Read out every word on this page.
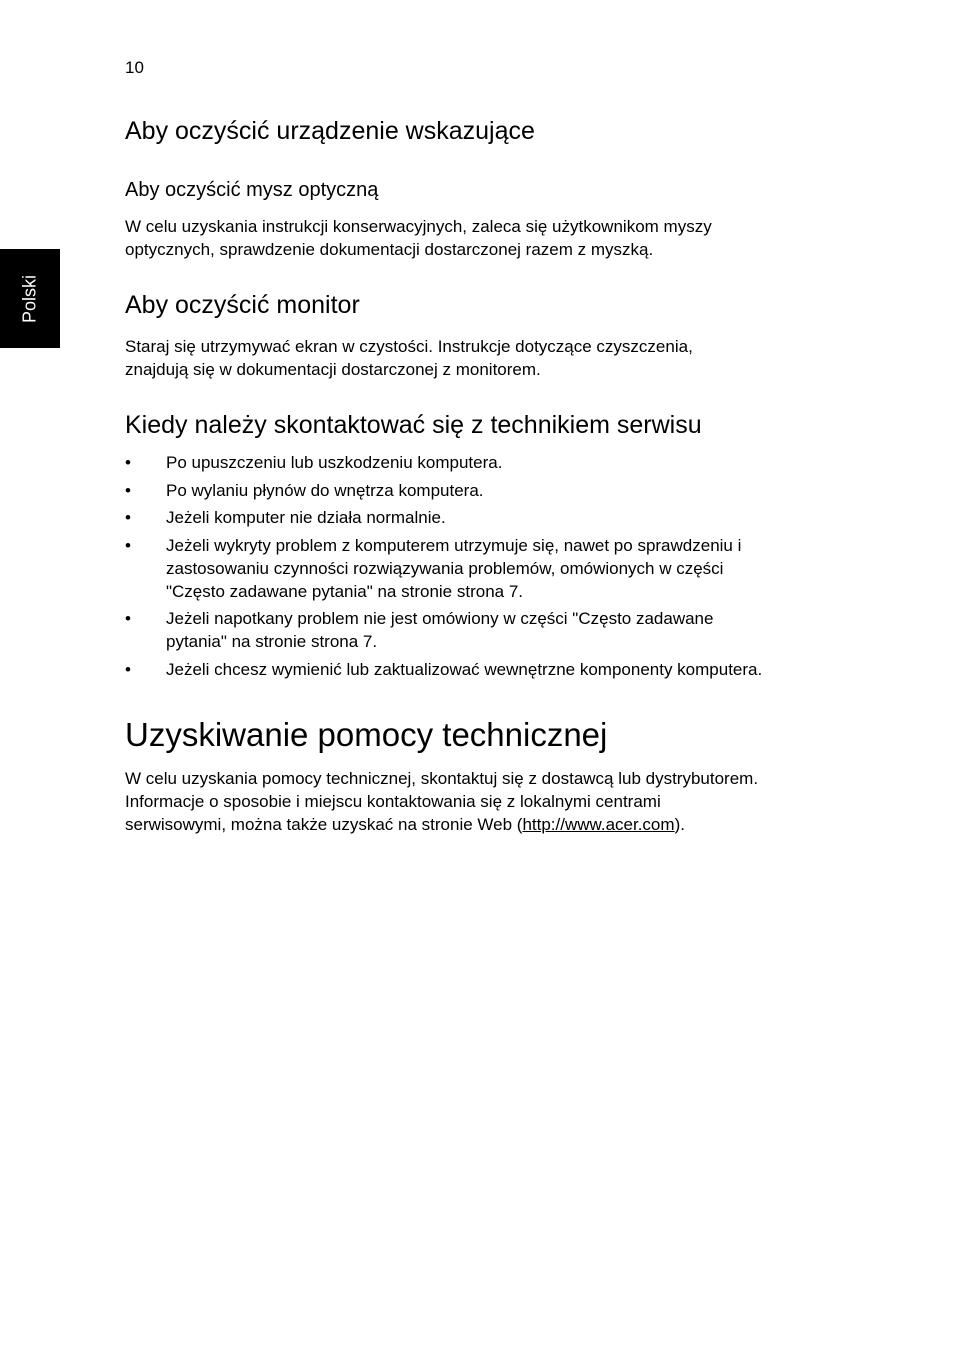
10
Polski
Aby oczyścić urządzenie wskazujące
Aby oczyścić mysz optyczną
W celu uzyskania instrukcji konserwacyjnych, zaleca się użytkownikom myszy
optycznych, sprawdzenie dokumentacji dostarczonej razem z myszką.
Aby oczyścić monitor
Staraj się utrzymywać ekran w czystości. Instrukcje dotyczące czyszczenia,
znajdują się w dokumentacji dostarczonej z monitorem.
Kiedy należy skontaktować się z technikiem serwisu
• Po upuszczeniu lub uszkodzeniu komputera.
• Po wylaniu płynów do wnętrza komputera.
• Jeżeli komputer nie działa normalnie.
• Jeżeli wykryty problem z komputerem utrzymuje się, nawet po sprawdzeniu i
zastosowaniu czynności rozwiązywania problemów, omówionych w części
"Często zadawane pytania" na stronie strona 7.
• Jeżeli napotkany problem nie jest omówiony w części "Często zadawane
pytania" na stronie strona 7.
• Jeżeli chcesz wymienić lub zaktualizować wewnętrzne komponenty komputera.
Uzyskiwanie pomocy technicznej
W celu uzyskania pomocy technicznej, skontaktuj się z dostawcą lub dystrybutorem.
Informacje o sposobie i miejscu kontaktowania się z lokalnymi centrami
serwisowymi, można także uzyskać na stronie Web (http://www.acer.com).
